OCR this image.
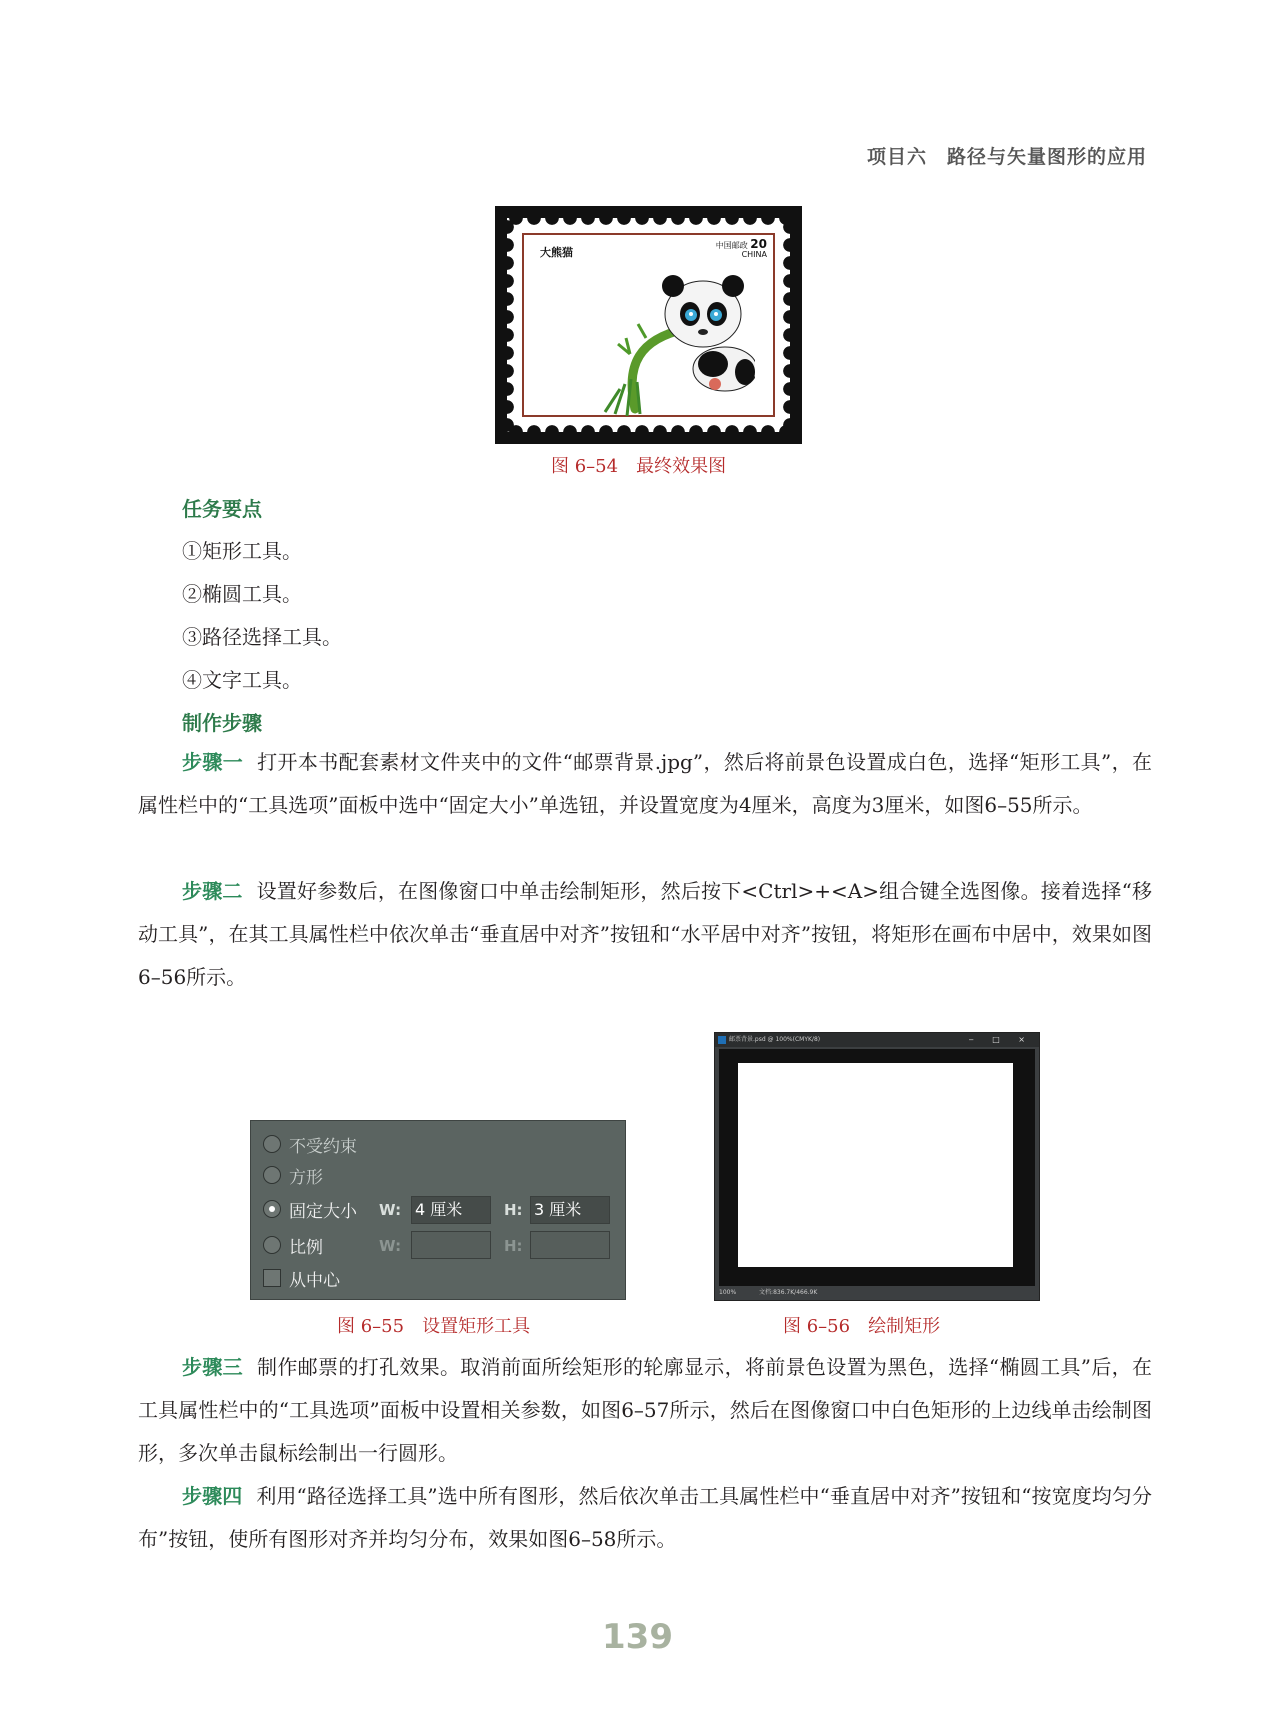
项目六　路径与矢量图形的应用
大熊猫
中国邮政 20
CHINA
图 6–54　最终效果图
任务要点
①矩形工具。
②椭圆工具。
③路径选择工具。
④文字工具。
制作步骤
步骤一 打开本书配套素材文件夹中的文件“邮票背景.jpg”，然后将前景色设置成白色，选择“矩形工具”，在属性栏中的“工具选项”面板中选中“固定大小”单选钮，并设置宽度为4厘米，高度为3厘米，如图6–55所示。
步骤二 设置好参数后，在图像窗口中单击绘制矩形，然后按下<Ctrl>+<A>组合键全选图像。接着选择“移动工具”，在其工具属性栏中依次单击“垂直居中对齐”按钮和“水平居中对齐”按钮，将矩形在画布中居中，效果如图6–56所示。
不受约束
方形
固定大小
比例
从中心
W: 4 厘米	H: 3 厘米
W:	H:
图 6–55　设置矩形工具
邮票背景.psd @ 100%(CMYK/8)	‒ □ ×
100%	文档:836.7K/466.9K
图 6–56　绘制矩形
步骤三 制作邮票的打孔效果。取消前面所绘矩形的轮廓显示，将前景色设置为黑色，选择“椭圆工具”后，在工具属性栏中的“工具选项”面板中设置相关参数，如图6–57所示，然后在图像窗口中白色矩形的上边线单击绘制图形，多次单击鼠标绘制出一行圆形。
步骤四 利用“路径选择工具”选中所有图形，然后依次单击工具属性栏中“垂直居中对齐”按钮和“按宽度均匀分布”按钮，使所有图形对齐并均匀分布，效果如图6–58所示。
139
